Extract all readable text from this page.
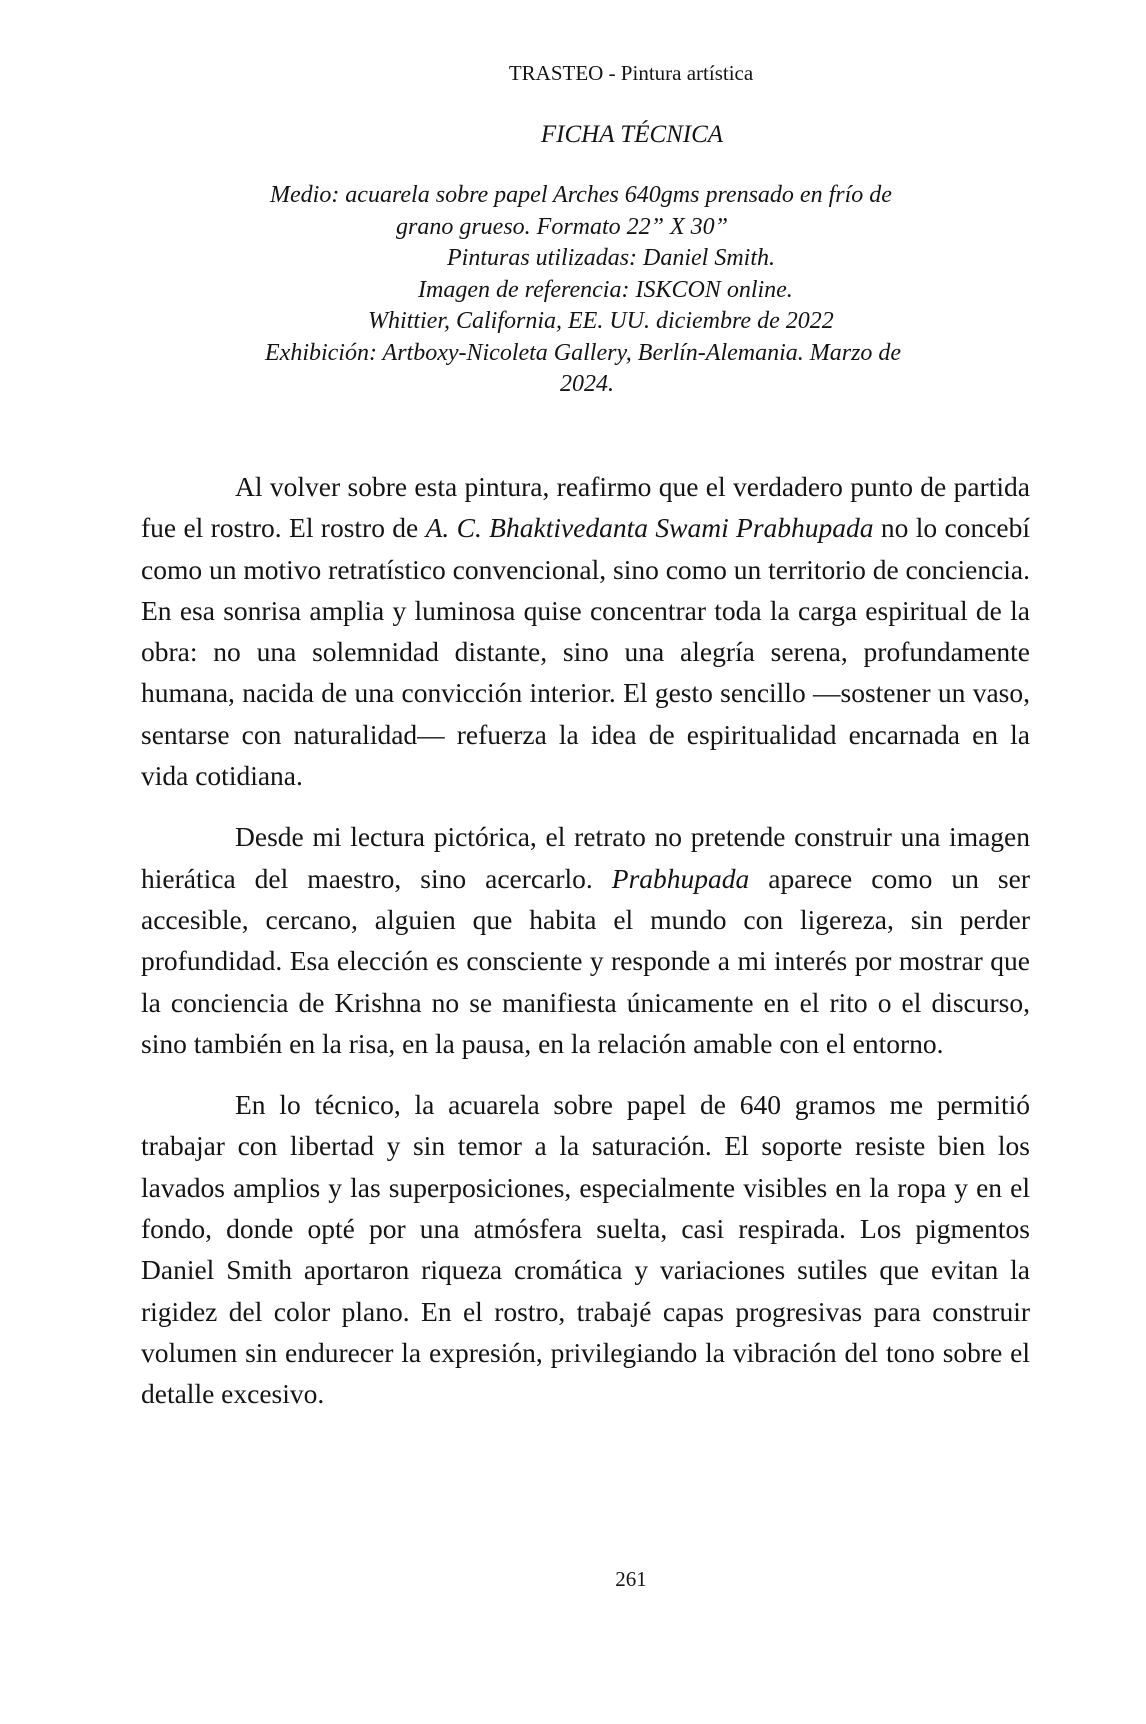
TRASTEO - Pintura artística
FICHA TÉCNICA
Medio: acuarela sobre papel Arches 640gms prensado en frío de
grano grueso. Formato 22” X 30”
Pinturas utilizadas: Daniel Smith.
Imagen de referencia: ISKCON online.
Whittier, California, EE. UU. diciembre de 2022
Exhibición: Artboxy-Nicoleta Gallery, Berlín-Alemania. Marzo de
2024.

Al volver sobre esta pintura, reafirmo que el verdadero punto de partida fue el rostro. El rostro de A. C. Bhaktivedanta Swami Prabhupada no lo concebí como un motivo retratístico convencional, sino como un territorio de conciencia. En esa sonrisa amplia y luminosa quise concentrar toda la carga espiritual de la obra: no una solemnidad distante, sino una alegría serena, profundamente humana, nacida de una convicción interior. El gesto sencillo —sostener un vaso, sentarse con naturalidad— refuerza la idea de espiritualidad encarnada en la vida cotidiana.

Desde mi lectura pictórica, el retrato no pretende construir una imagen hierática del maestro, sino acercarlo. Prabhupada aparece como un ser accesible, cercano, alguien que habita el mundo con ligereza, sin perder profundidad. Esa elección es consciente y responde a mi interés por mostrar que la conciencia de Krishna no se manifiesta únicamente en el rito o el discurso, sino también en la risa, en la pausa, en la relación amable con el entorno.

En lo técnico, la acuarela sobre papel de 640 gramos me permitió trabajar con libertad y sin temor a la saturación. El soporte resiste bien los lavados amplios y las superposiciones, especialmente visibles en la ropa y en el fondo, donde opté por una atmósfera suelta, casi respirada. Los pigmentos Daniel Smith aportaron riqueza cromática y variaciones sutiles que evitan la rigidez del color plano. En el rostro, trabajé capas progresivas para construir volumen sin endurecer la expresión, privilegiando la vibración del tono sobre el detalle excesivo.

261
